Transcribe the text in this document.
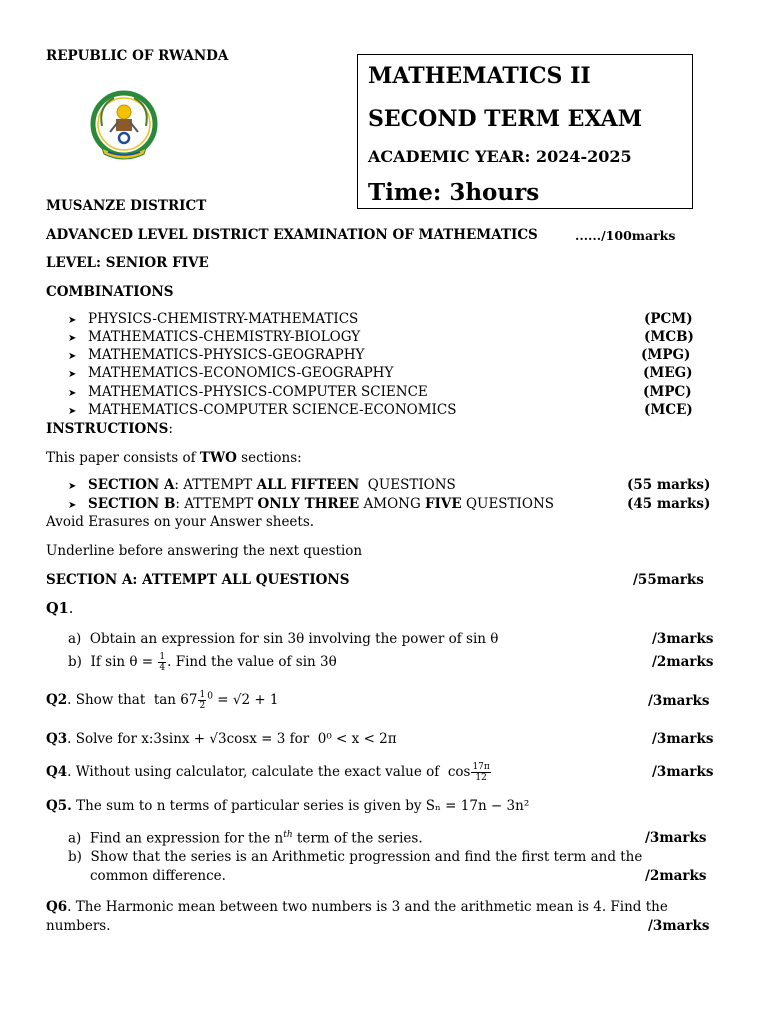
REPUBLIC OF RWANDA
MATHEMATICS II
SECOND TERM EXAM
ACADEMIC YEAR: 2024-2025
Time: 3hours
MUSANZE DISTRICT
ADVANCED LEVEL DISTRICT EXAMINATION OF MATHEMATICS	....../100marks
LEVEL: SENIOR FIVE
COMBINATIONS
➤ PHYSICS-CHEMISTRY-MATHEMATICS	(PCM)
➤ MATHEMATICS-CHEMISTRY-BIOLOGY	(MCB)
➤ MATHEMATICS-PHYSICS-GEOGRAPHY	(MPG)
➤ MATHEMATICS-ECONOMICS-GEOGRAPHY	(MEG)
➤ MATHEMATICS-PHYSICS-COMPUTER SCIENCE	(MPC)
➤ MATHEMATICS-COMPUTER SCIENCE-ECONOMICS	(MCE)
INSTRUCTIONS:
This paper consists of TWO sections:
➤ SECTION A: ATTEMPT ALL FIFTEEN  QUESTIONS	(55 marks)
➤ SECTION B: ATTEMPT ONLY THREE AMONG FIVE QUESTIONS	(45 marks)
Avoid Erasures on your Answer sheets.
Underline before answering the next question
SECTION A: ATTEMPT ALL QUESTIONS	/55marks
Q1.
a) Obtain an expression for sin 3θ involving the power of sin θ	/3marks
b) If $\sin \theta = \frac{1}{4}$ . Find the value of sin 3θ	/2marks
Q2. Show that  $\tan 67 \frac{1}{2} ^0 = √2 + 1$	/3marks
Q3. Solve for x:3sinx + √3cosx = 3 for  0⁰ < x < 2π	/3marks
Q4. Without using calculator, calculate the exact value of  $\cos \frac{17\pi}{12}$	/3marks
Q5. The sum to n terms of particular series is given by Sₙ = 17n − 3n²
a) Find an expression for the $n^{th}$ term of the series.	/3marks
b) Show that the series is an Arithmetic progression and find the first term and the
common difference.	/2marks
Q6. The Harmonic mean between two numbers is 3 and the arithmetic mean is 4. Find the
numbers.	/3marks
